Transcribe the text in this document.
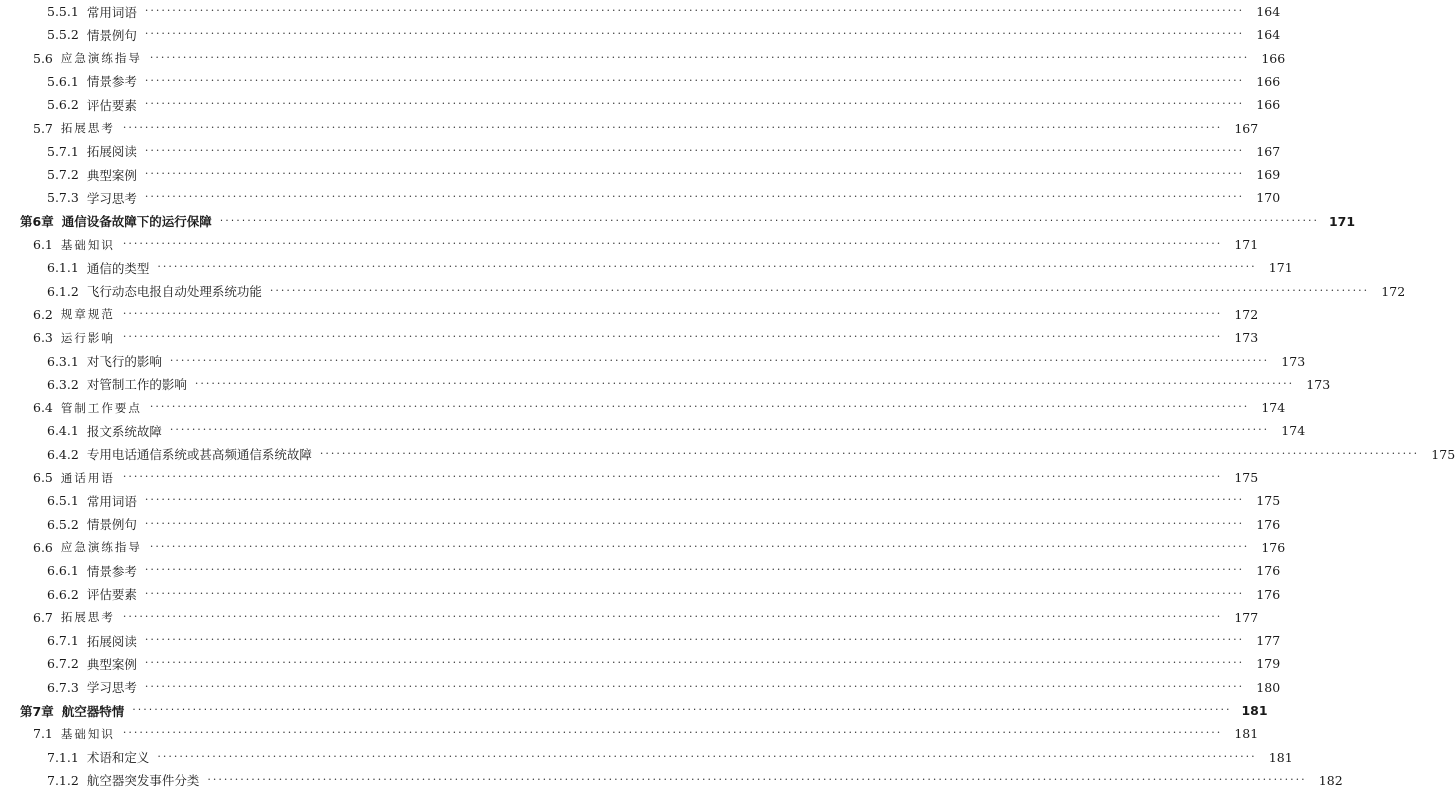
5.5.1 常用词语 ········································································································································································································ 164
5.5.2 情景例句 ········································································································································································································ 164
5.6 应急演练指导 ········································································································································································································ 166
5.6.1 情景参考 ········································································································································································································ 166
5.6.2 评估要素 ········································································································································································································ 166
5.7 拓展思考 ········································································································································································································ 167
5.7.1 拓展阅读 ········································································································································································································ 167
5.7.2 典型案例 ········································································································································································································ 169
5.7.3 学习思考 ········································································································································································································ 170
第6章 通信设备故障下的运行保障 ········································································································································································································ 171
6.1 基础知识 ········································································································································································································ 171
6.1.1 通信的类型 ········································································································································································································ 171
6.1.2 飞行动态电报自动处理系统功能 ········································································································································································································ 172
6.2 规章规范 ········································································································································································································ 172
6.3 运行影响 ········································································································································································································ 173
6.3.1 对飞行的影响 ········································································································································································································ 173
6.3.2 对管制工作的影响 ········································································································································································································ 173
6.4 管制工作要点 ········································································································································································································ 174
6.4.1 报文系统故障 ········································································································································································································ 174
6.4.2 专用电话通信系统或甚高频通信系统故障 ········································································································································································································ 175
6.5 通话用语 ········································································································································································································ 175
6.5.1 常用词语 ········································································································································································································ 175
6.5.2 情景例句 ········································································································································································································ 176
6.6 应急演练指导 ········································································································································································································ 176
6.6.1 情景参考 ········································································································································································································ 176
6.6.2 评估要素 ········································································································································································································ 176
6.7 拓展思考 ········································································································································································································ 177
6.7.1 拓展阅读 ········································································································································································································ 177
6.7.2 典型案例 ········································································································································································································ 179
6.7.3 学习思考 ········································································································································································································ 180
第7章 航空器特情 ········································································································································································································ 181
7.1 基础知识 ········································································································································································································ 181
7.1.1 术语和定义 ········································································································································································································ 181
7.1.2 航空器突发事件分类 ········································································································································································································ 182
